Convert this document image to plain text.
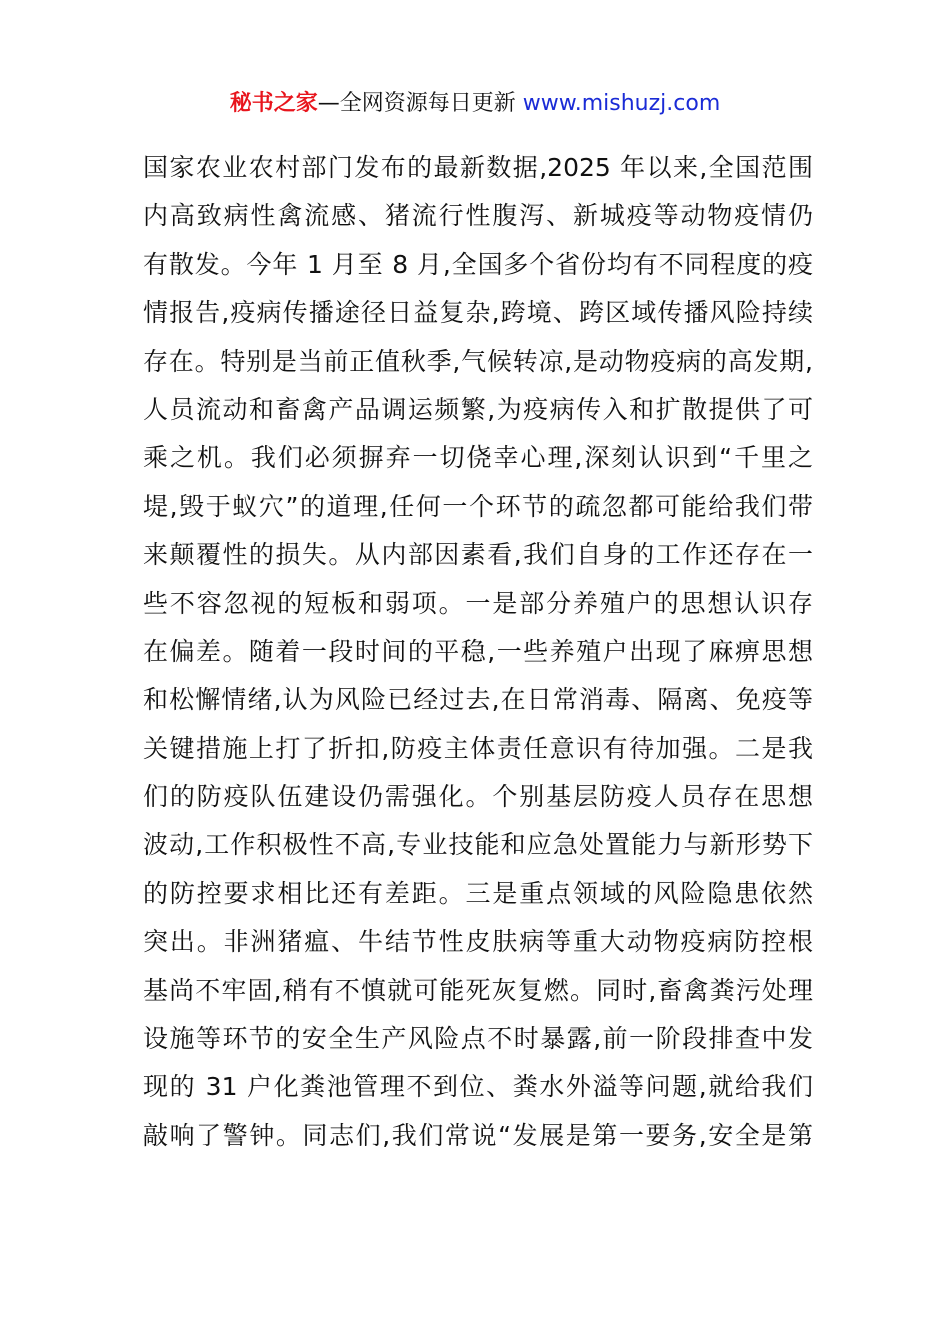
秘书之家—全网资源每日更新 www.mishuzj.com
国家农业农村部门发布的最新数据,2025 年以来,全国范围
内高致病性禽流感、猪流行性腹泻、新城疫等动物疫情仍
有散发。今年 1 月至 8 月,全国多个省份均有不同程度的疫
情报告,疫病传播途径日益复杂,跨境、跨区域传播风险持续
存在。特别是当前正值秋季,气候转凉,是动物疫病的高发期,
人员流动和畜禽产品调运频繁,为疫病传入和扩散提供了可
乘之机。我们必须摒弃一切侥幸心理,深刻认识到“千里之
堤,毁于蚁穴”的道理,任何一个环节的疏忽都可能给我们带
来颠覆性的损失。从内部因素看,我们自身的工作还存在一
些不容忽视的短板和弱项。一是部分养殖户的思想认识存
在偏差。随着一段时间的平稳,一些养殖户出现了麻痹思想
和松懈情绪,认为风险已经过去,在日常消毒、隔离、免疫等
关键措施上打了折扣,防疫主体责任意识有待加强。二是我
们的防疫队伍建设仍需强化。个别基层防疫人员存在思想
波动,工作积极性不高,专业技能和应急处置能力与新形势下
的防控要求相比还有差距。三是重点领域的风险隐患依然
突出。非洲猪瘟、牛结节性皮肤病等重大动物疫病防控根
基尚不牢固,稍有不慎就可能死灰复燃。同时,畜禽粪污处理
设施等环节的安全生产风险点不时暴露,前一阶段排查中发
现的 31 户化粪池管理不到位、粪水外溢等问题,就给我们
敲响了警钟。同志们,我们常说“发展是第一要务,安全是第
